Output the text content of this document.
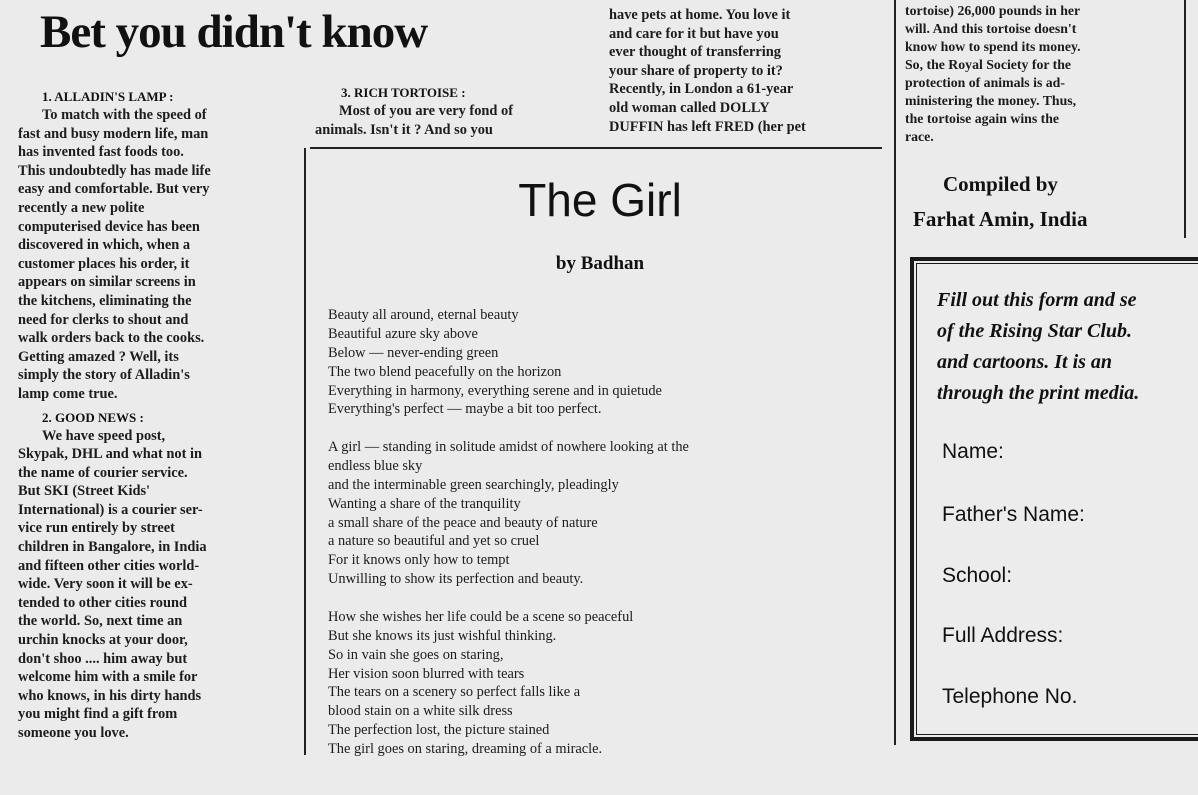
Bet you didn't know
1. ALLADIN'S LAMP :
To match with the speed of
fast and busy modern life, man
has invented fast foods too.
This undoubtedly has made life
easy and comfortable. But very
recently a new polite
computerised device has been
discovered in which, when a
customer places his order, it
appears on similar screens in
the kitchens, eliminating the
need for clerks to shout and
walk orders back to the cooks.
Getting amazed ? Well, its
simply the story of Alladin's
lamp come true.
2. GOOD NEWS :
We have speed post,
Skypak, DHL and what not in
the name of courier service.
But SKI (Street Kids'
International) is a courier ser-
vice run entirely by street
children in Bangalore, in India
and fifteen other cities world-
wide. Very soon it will be ex-
tended to other cities round
the world. So, next time an
urchin knocks at your door,
don't shoo .... him away but
welcome him with a smile for
who knows, in his dirty hands
you might find a gift from
someone you love.
3. RICH TORTOISE :
Most of you are very fond of
animals. Isn't it ? And so you
have pets at home. You love it
and care for it but have you
ever thought of transferring
your share of property to it?
Recently, in London a 61-year
old woman called DOLLY
DUFFIN has left FRED (her pet
tortoise) 26,000 pounds in her
will. And this tortoise doesn't
know how to spend its money.
So, the Royal Society for the
protection of animals is ad-
ministering the money. Thus,
the tortoise again wins the
race.
Compiled by
Farhat Amin, India
The Girl
by Badhan
Beauty all around, eternal beauty
Beautiful azure sky above
Below — never-ending green
The two blend peacefully on the horizon
Everything in harmony, everything serene and in quietude
Everything's perfect — maybe a bit too perfect.
A girl — standing in solitude amidst of nowhere looking at the
endless blue sky
and the interminable green searchingly, pleadingly
Wanting a share of the tranquility
a small share of the peace and beauty of nature
a nature so beautiful and yet so cruel
For it knows only how to tempt
Unwilling to show its perfection and beauty.
How she wishes her life could be a scene so peaceful
But she knows its just wishful thinking.
So in vain she goes on staring,
Her vision soon blurred with tears
The tears on a scenery so perfect falls like a
blood stain on a white silk dress
The perfection lost, the picture stained
The girl goes on staring, dreaming of a miracle.
Fill out this form and se
of the Rising Star Club.
and cartoons. It is an
through the print media.
Name:
Father's Name:
School:
Full Address:
Telephone No.
